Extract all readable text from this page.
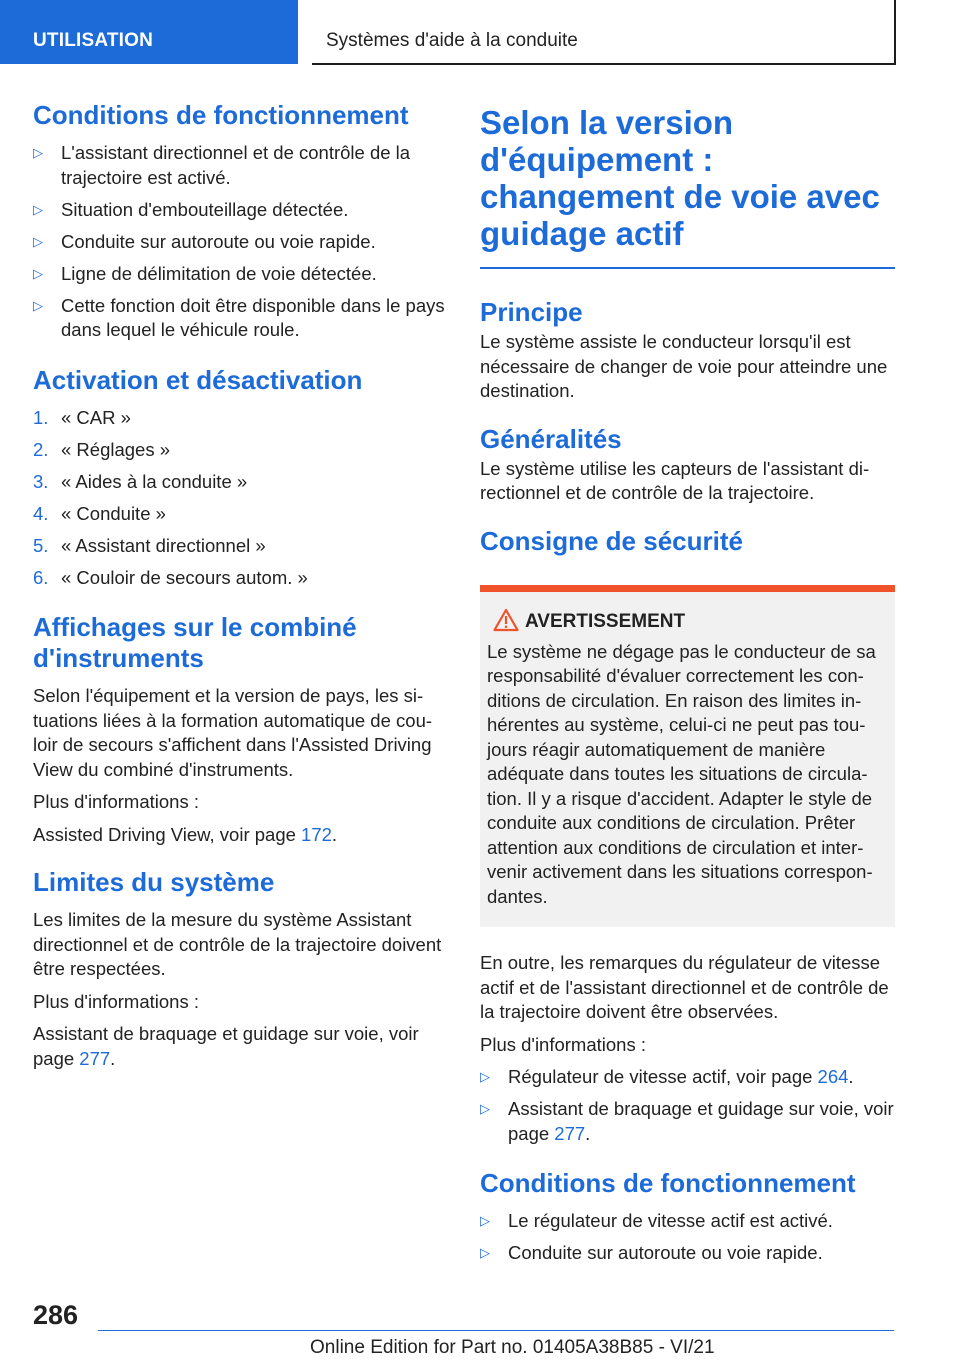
UTILISATION	Systèmes d'aide à la conduite
Conditions de fonctionnement
▷ L'assistant directionnel et de contrôle de la trajectoire est activé.
▷ Situation d'embouteillage détectée.
▷ Conduite sur autoroute ou voie rapide.
▷ Ligne de délimitation de voie détectée.
▷ Cette fonction doit être disponible dans le pays dans lequel le véhicule roule.
Activation et désactivation
1. « CAR »
2. « Réglages »
3. « Aides à la conduite »
4. « Conduite »
5. « Assistant directionnel »
6. « Couloir de secours autom. »
Affichages sur le combiné d'instruments

Selon l'équipement et la version de pays, les situations liées à la formation automatique de couloir de secours s'affichent dans l'Assisted Driving View du combiné d'instruments.

Plus d'informations :

Assisted Driving View, voir page 172.

Limites du système

Les limites de la mesure du système Assistant directionnel et de contrôle de la trajectoire doivent être respectées.

Plus d'informations :

Assistant de braquage et guidage sur voie, voir page 277.

Selon la version d'équipement : changement de voie avec guidage actif
Principe

Le système assiste le conducteur lorsqu'il est nécessaire de changer de voie pour atteindre une destination.

Généralités

Le système utilise les capteurs de l'assistant directionnel et de contrôle de la trajectoire.

Consigne de sécurité
AVERTISSEMENT

Le système ne dégage pas le conducteur de sa responsabilité d'évaluer correctement les conditions de circulation. En raison des limites inhérentes au système, celui-ci ne peut pas toujours réagir automatiquement de manière adéquate dans toutes les situations de circulation. Il y a risque d'accident. Adapter le style de conduite aux conditions de circulation. Prêter attention aux conditions de circulation et intervenir activement dans les situations correspondantes.

En outre, les remarques du régulateur de vitesse actif et de l'assistant directionnel et de contrôle de la trajectoire doivent être observées.

Plus d'informations :

▷ Régulateur de vitesse actif, voir page 264.
▷ Assistant de braquage et guidage sur voie, voir page 277.
Conditions de fonctionnement
▷ Le régulateur de vitesse actif est activé.
▷ Conduite sur autoroute ou voie rapide.
286
Online Edition for Part no. 01405A38B85 - VI/21
